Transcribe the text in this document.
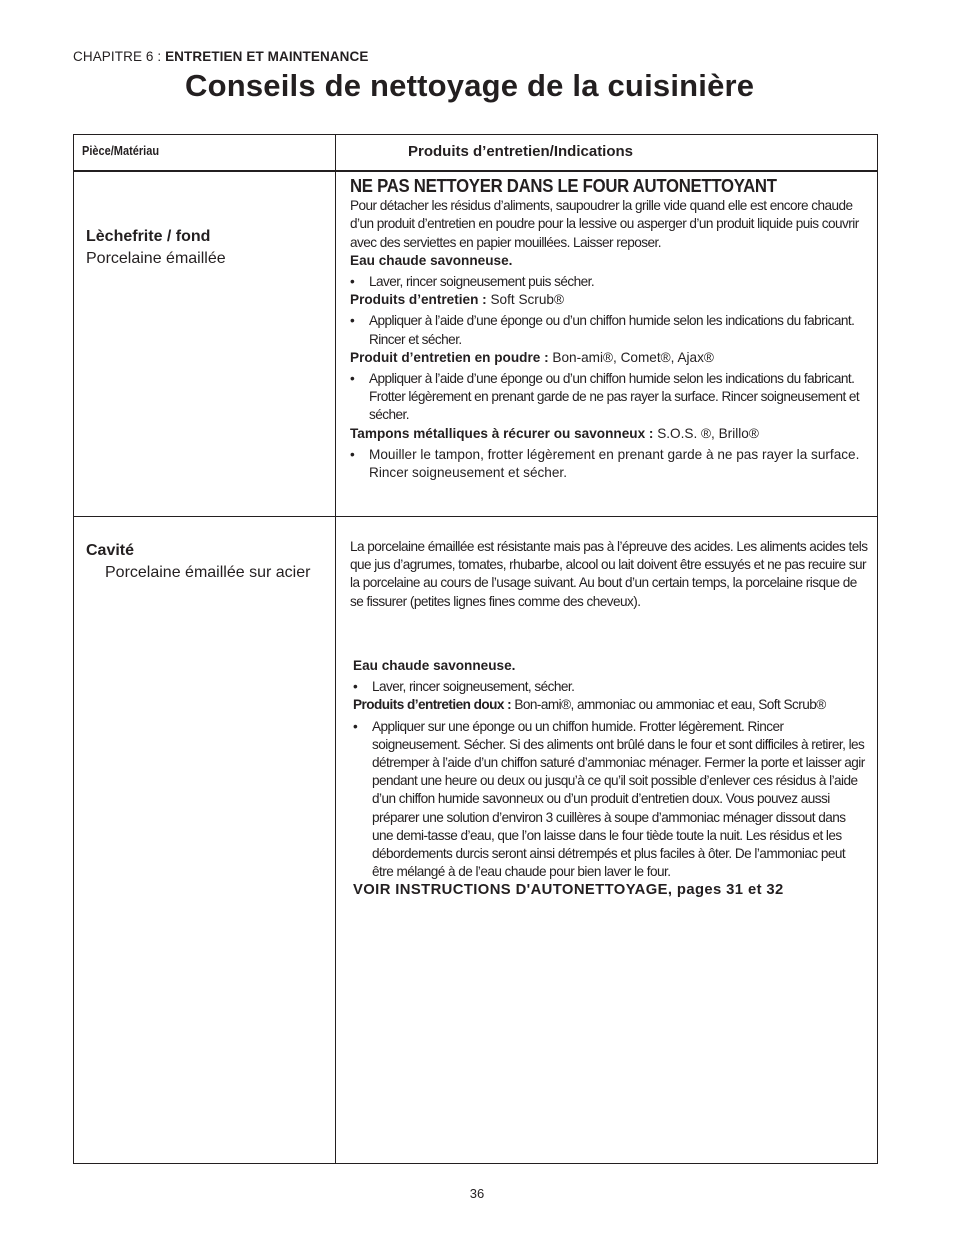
CHAPITRE 6 : ENTRETIEN ET MAINTENANCE
Conseils de nettoyage de la cuisinière
Pièce/Matériau	Produits d’entretien/Indications
Lèchefrite / fond
Porcelaine émaillée
NE PAS NETTOYER DANS LE FOUR AUTONETTOYANT

Pour détacher les résidus d’aliments, saupoudrer la grille vide quand elle est encore chaude d’un produit d’entretien en poudre pour la lessive ou asperger d’un produit liquide puis couvrir avec des serviettes en papier mouillées. Laisser reposer.

Eau chaude savonneuse.

• Laver, rincer soigneusement puis sécher.

Produits d’entretien : Soft Scrub®

• Appliquer à l’aide d’une éponge ou d’un chiffon humide selon les indications du fabricant. Rincer et sécher.

Produit d’entretien en poudre : Bon-ami®, Comet®, Ajax®

• Appliquer à l’aide d’une éponge ou d’un chiffon humide selon les indications du fabricant. Frotter légèrement en prenant garde de ne pas rayer la surface. Rincer soigneusement et sécher.

Tampons métalliques à récurer ou savonneux : S.O.S. ®, Brillo®

• Mouiller le tampon, frotter légèrement en prenant garde à ne pas rayer la surface. Rincer soigneusement et sécher.
Cavité
Porcelaine émaillée sur acier

La porcelaine émaillée est résistante mais pas à l’épreuve des acides. Les aliments acides tels que jus d’agrumes, tomates, rhubarbe, alcool ou lait doivent être essuyés et ne pas recuire sur la porcelaine au cours de l’usage suivant. Au bout d’un certain temps, la porcelaine risque de se fissurer (petites lignes fines comme des cheveux).

Eau chaude savonneuse.

• Laver, rincer soigneusement, sécher.

Produits d’entretien doux : Bon-ami®, ammoniac ou ammoniac et eau, Soft Scrub®

• Appliquer sur une éponge ou un chiffon humide. Frotter légèrement. Rincer soigneusement. Sécher. Si des aliments ont brûlé dans le four et sont difficiles à retirer, les détremper à l’aide d’un chiffon saturé d’ammoniac ménager. Fermer la porte et laisser agir pendant une heure ou deux ou jusqu’à ce qu’il soit possible d’enlever ces résidus à l’aide d’un chiffon humide savonneux ou d’un produit d’entretien doux. Vous pouvez aussi préparer une solution d’environ 3 cuillères à soupe d’ammoniac ménager dissout dans une demi-tasse d’eau, que l’on laisse dans le four tiède toute la nuit. Les résidus et les débordements durcis seront ainsi détrempés et plus faciles à ôter. De l’ammoniac peut être mélangé à de l’eau chaude pour bien laver le four.

VOIR INSTRUCTIONS D'AUTONETTOYAGE, pages 31 et 32

36
